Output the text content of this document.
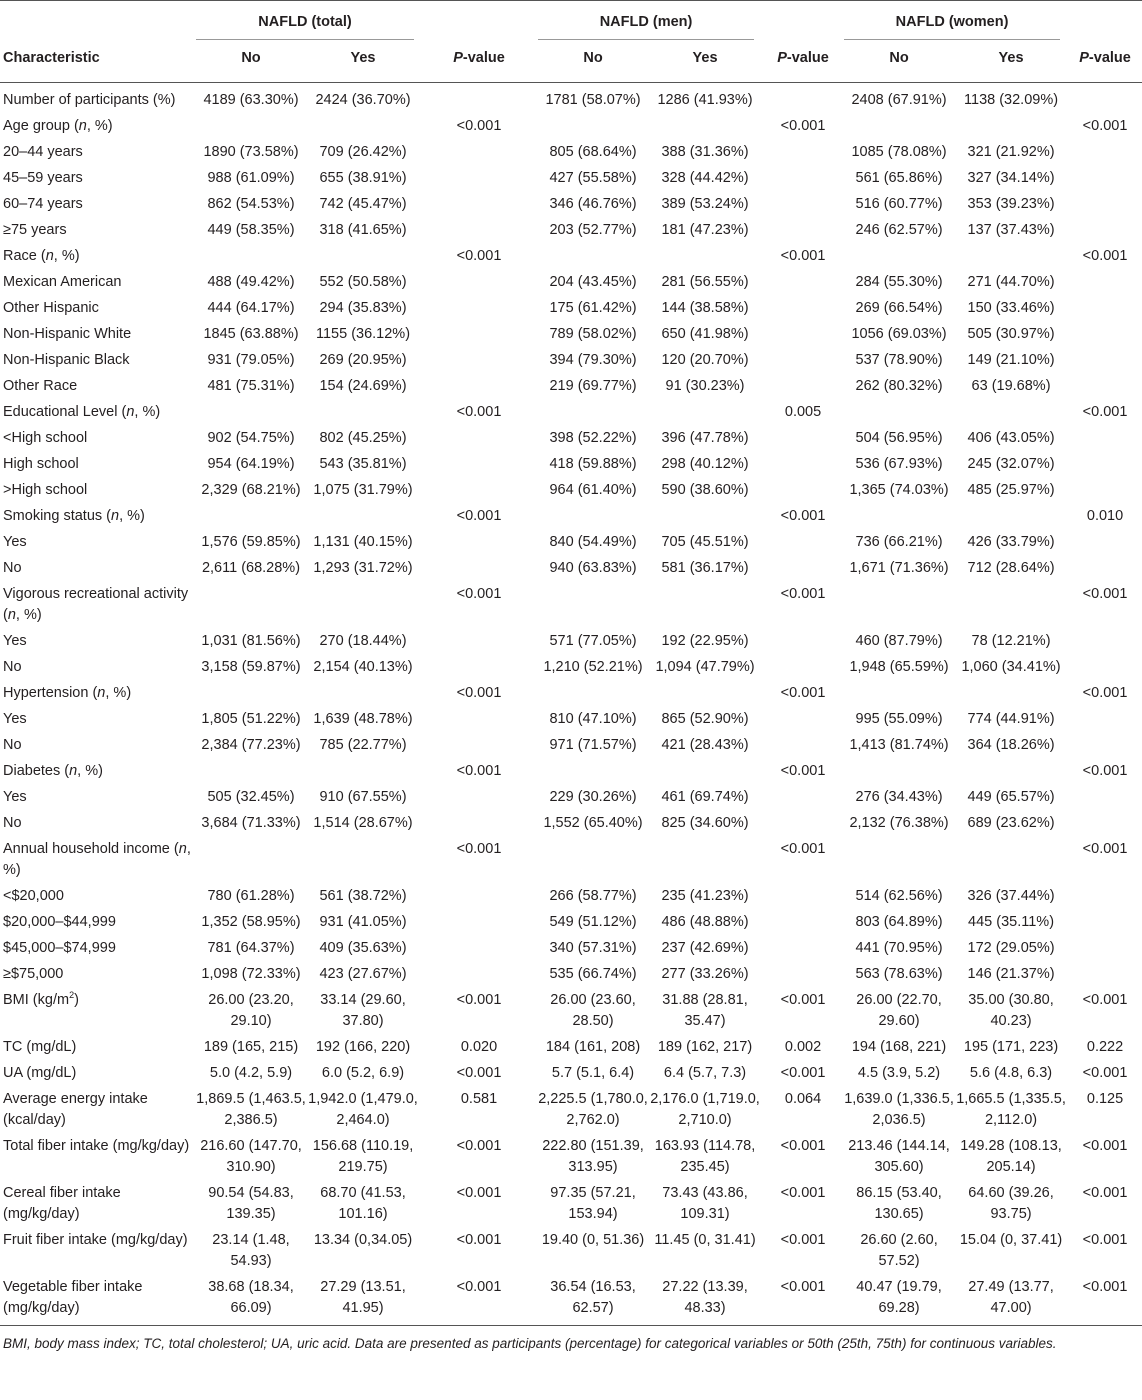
	NAFLD (total)			NAFLD (men)			NAFLD (women)		

Characteristic	No	Yes	P-value	No	Yes	P-value	No	Yes	P-value
Number of participants (%)	4189 (63.30%)	2424 (36.70%)		1781 (58.07%)	1286 (41.93%)		2408 (67.91%)	1138 (32.09%)	
Age group (n, %)			<0.001			<0.001			<0.001
20–44 years	1890 (73.58%)	709 (26.42%)		805 (68.64%)	388 (31.36%)		1085 (78.08%)	321 (21.92%)	
45–59 years	988 (61.09%)	655 (38.91%)		427 (55.58%)	328 (44.42%)		561 (65.86%)	327 (34.14%)	
60–74 years	862 (54.53%)	742 (45.47%)		346 (46.76%)	389 (53.24%)		516 (60.77%)	353 (39.23%)	
≥75 years	449 (58.35%)	318 (41.65%)		203 (52.77%)	181 (47.23%)		246 (62.57%)	137 (37.43%)	
Race (n, %)			<0.001			<0.001			<0.001
Mexican American	488 (49.42%)	552 (50.58%)		204 (43.45%)	281 (56.55%)		284 (55.30%)	271 (44.70%)	
Other Hispanic	444 (64.17%)	294 (35.83%)		175 (61.42%)	144 (38.58%)		269 (66.54%)	150 (33.46%)	
Non-Hispanic White	1845 (63.88%)	1155 (36.12%)		789 (58.02%)	650 (41.98%)		1056 (69.03%)	505 (30.97%)	
Non-Hispanic Black	931 (79.05%)	269 (20.95%)		394 (79.30%)	120 (20.70%)		537 (78.90%)	149 (21.10%)	
Other Race	481 (75.31%)	154 (24.69%)		219 (69.77%)	91 (30.23%)		262 (80.32%)	63 (19.68%)	
Educational Level (n, %)			<0.001			0.005			<0.001
<High school	902 (54.75%)	802 (45.25%)		398 (52.22%)	396 (47.78%)		504 (56.95%)	406 (43.05%)	
High school	954 (64.19%)	543 (35.81%)		418 (59.88%)	298 (40.12%)		536 (67.93%)	245 (32.07%)	
>High school	2,329 (68.21%)	1,075 (31.79%)		964 (61.40%)	590 (38.60%)		1,365 (74.03%)	485 (25.97%)	
Smoking status (n, %)			<0.001			<0.001			0.010
Yes	1,576 (59.85%)	1,131 (40.15%)		840 (54.49%)	705 (45.51%)		736 (66.21%)	426 (33.79%)	
No	2,611 (68.28%)	1,293 (31.72%)		940 (63.83%)	581 (36.17%)		1,671 (71.36%)	712 (28.64%)	
Vigorous recreational activity (n, %)			<0.001			<0.001			<0.001
Yes	1,031 (81.56%)	270 (18.44%)		571 (77.05%)	192 (22.95%)		460 (87.79%)	78 (12.21%)	
No	3,158 (59.87%)	2,154 (40.13%)		1,210 (52.21%)	1,094 (47.79%)		1,948 (65.59%)	1,060 (34.41%)	
Hypertension (n, %)			<0.001			<0.001			<0.001
Yes	1,805 (51.22%)	1,639 (48.78%)		810 (47.10%)	865 (52.90%)		995 (55.09%)	774 (44.91%)	
No	2,384 (77.23%)	785 (22.77%)		971 (71.57%)	421 (28.43%)		1,413 (81.74%)	364 (18.26%)	
Diabetes (n, %)			<0.001			<0.001			<0.001
Yes	505 (32.45%)	910 (67.55%)		229 (30.26%)	461 (69.74%)		276 (34.43%)	449 (65.57%)	
No	3,684 (71.33%)	1,514 (28.67%)		1,552 (65.40%)	825 (34.60%)		2,132 (76.38%)	689 (23.62%)	
Annual household income (n, %)			<0.001			<0.001			<0.001
<$20,000	780 (61.28%)	561 (38.72%)		266 (58.77%)	235 (41.23%)		514 (62.56%)	326 (37.44%)	
$20,000–$44,999	1,352 (58.95%)	931 (41.05%)		549 (51.12%)	486 (48.88%)		803 (64.89%)	445 (35.11%)	
$45,000–$74,999	781 (64.37%)	409 (35.63%)		340 (57.31%)	237 (42.69%)		441 (70.95%)	172 (29.05%)	
≥$75,000	1,098 (72.33%)	423 (27.67%)		535 (66.74%)	277 (33.26%)		563 (78.63%)	146 (21.37%)	
BMI $(kg/m^2)$	26.00 (23.20, 29.10)	33.14 (29.60, 37.80)	<0.001	26.00 (23.60, 28.50)	31.88 (28.81, 35.47)	<0.001	26.00 (22.70, 29.60)	35.00 (30.80, 40.23)	<0.001
TC (mg/dL)	189 (165, 215)	192 (166, 220)	0.020	184 (161, 208)	189 (162, 217)	0.002	194 (168, 221)	195 (171, 223)	0.222
UA (mg/dL)	5.0 (4.2, 5.9)	6.0 (5.2, 6.9)	<0.001	5.7 (5.1, 6.4)	6.4 (5.7, 7.3)	<0.001	4.5 (3.9, 5.2)	5.6 (4.8, 6.3)	<0.001
Average energy intake (kcal/day)	1,869.5 (1,463.5, 2,386.5)	1,942.0 (1,479.0, 2,464.0)	0.581	2,225.5 (1,780.0, 2,762.0)	2,176.0 (1,719.0, 2,710.0)	0.064	1,639.0 (1,336.5, 2,036.5)	1,665.5 (1,335.5, 2,112.0)	0.125
Total fiber intake (mg/kg/day)	216.60 (147.70, 310.90)	156.68 (110.19, 219.75)	<0.001	222.80 (151.39, 313.95)	163.93 (114.78, 235.45)	<0.001	213.46 (144.14, 305.60)	149.28 (108.13, 205.14)	<0.001
Cereal fiber intake (mg/kg/day)	90.54 (54.83, 139.35)	68.70 (41.53, 101.16)	<0.001	97.35 (57.21, 153.94)	73.43 (43.86, 109.31)	<0.001	86.15 (53.40, 130.65)	64.60 (39.26, 93.75)	<0.001
Fruit fiber intake (mg/kg/day)	23.14 (1.48, 54.93)	13.34 (0,34.05)	<0.001	19.40 (0, 51.36)	11.45 (0, 31.41)	<0.001	26.60 (2.60, 57.52)	15.04 (0, 37.41)	<0.001
Vegetable fiber intake (mg/kg/day)	38.68 (18.34, 66.09)	27.29 (13.51, 41.95)	<0.001	36.54 (16.53, 62.57)	27.22 (13.39, 48.33)	<0.001	40.47 (19.79, 69.28)	27.49 (13.77, 47.00)	<0.001
BMI, body mass index; TC, total cholesterol; UA, uric acid. Data are presented as participants (percentage) for categorical variables or 50th (25th, 75th) for continuous variables.
